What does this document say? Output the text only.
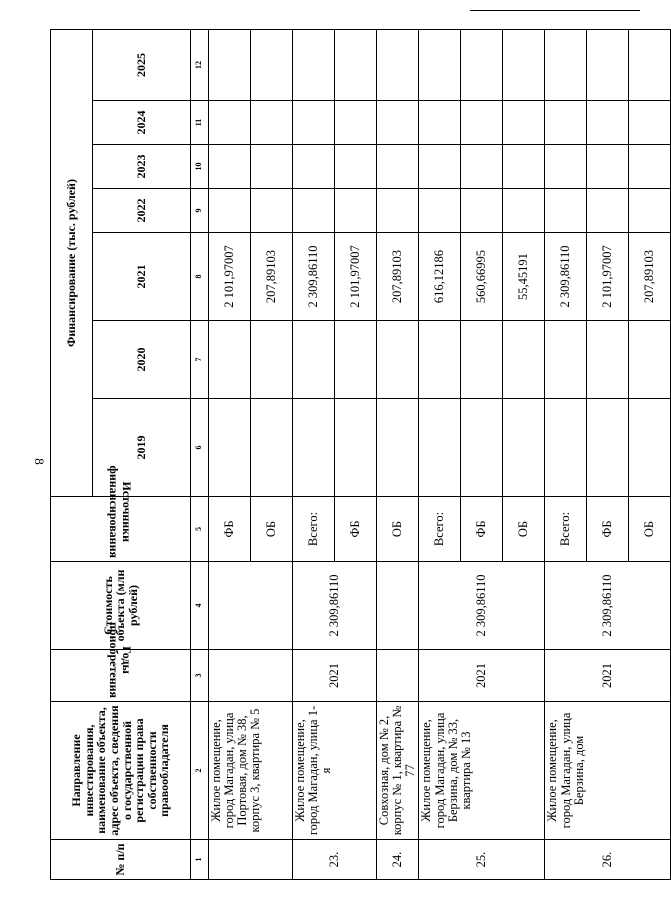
8
№ п/п	Направление инвестирования, наименование объекта, адрес объекта, сведения о государственной регистрации права собственности правообладателя	Годы приобретения	Стоимость объекта (млн рублей)	Источники финансирования	Финансирование (тыс. рублей)						
					2019	2020	2021	2022	2023	2024	2025
1	2	3	4	5	6	7	8	9	10	11	12
	Жилое помещение, город Магадан, улица Портовая, дом № 38, корпус 3, квартира № 5			ФБ			2 101,97007				
				ОБ			207,89103				
23.	Жилое помещение, город Магадан, улица 1-я	2021	2 309,86110	Всего:			2 309,86110				
				ФБ			2 101,97007				
24.	Совхозная, дом № 2, корпус № 1, квартира № 77			ОБ			207,89103				
25.	Жилое помещение, город Магадан, улица Берзина, дом № 33, квартира № 13	2021	2 309,86110	Всего:			616,12186				
				ФБ			560,66995				
				ОБ			55,45191				
26.	Жилое помещение, город Магадан, улица Берзина, дом	2021	2 309,86110	Всего:			2 309,86110				
				ФБ			2 101,97007				
				ОБ			207,89103				
